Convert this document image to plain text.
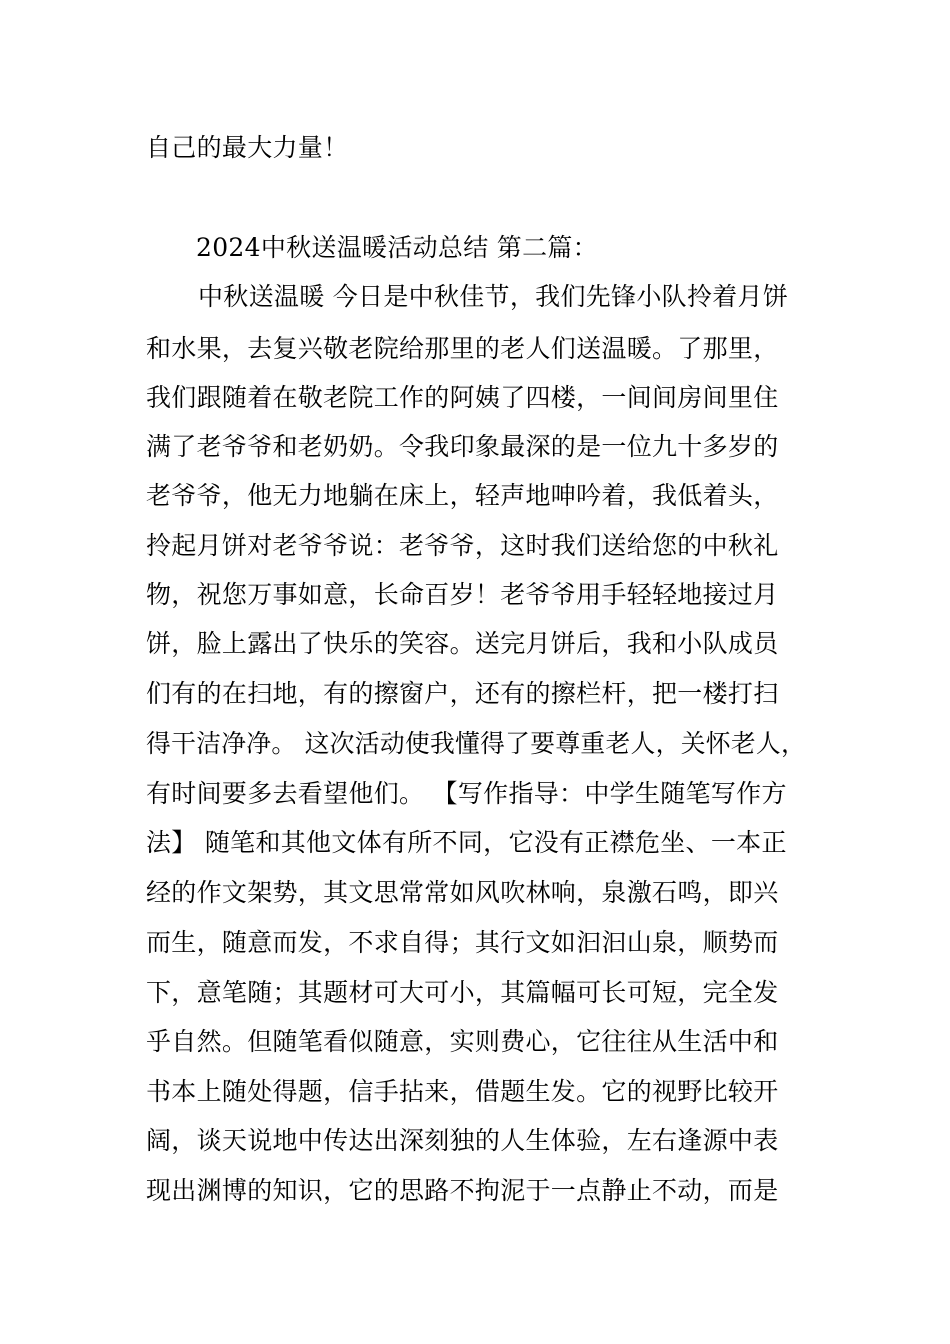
自己的最大力量！
2024中秋送温暖活动总结 第二篇：
中秋送温暖 今日是中秋佳节，我们先锋小队拎着月饼
和水果，去复兴敬老院给那里的老人们送温暖。了那里，
我们跟随着在敬老院工作的阿姨了四楼，一间间房间里住
满了老爷爷和老奶奶。令我印象最深的是一位九十多岁的
老爷爷，他无力地躺在床上，轻声地呻吟着，我低着头，
拎起月饼对老爷爷说：老爷爷，这时我们送给您的中秋礼
物，祝您万事如意，长命百岁！老爷爷用手轻轻地接过月
饼，脸上露出了快乐的笑容。送完月饼后，我和小队成员
们有的在扫地，有的擦窗户，还有的擦栏杆，把一楼打扫
得干洁净净。 这次活动使我懂得了要尊重老人，关怀老人，
有时间要多去看望他们。 【写作指导：中学生随笔写作方
法】 随笔和其他文体有所不同，它没有正襟危坐、一本正
经的作文架势，其文思常常如风吹林响，泉激石鸣，即兴
而生，随意而发，不求自得；其行文如汩汩山泉，顺势而
下，意笔随；其题材可大可小，其篇幅可长可短，完全发
乎自然。但随笔看似随意，实则费心，它往往从生活中和
书本上随处得题，信手拈来，借题生发。它的视野比较开
阔，谈天说地中传达出深刻独的人生体验，左右逢源中表
现出渊博的知识，它的思路不拘泥于一点静止不动，而是
